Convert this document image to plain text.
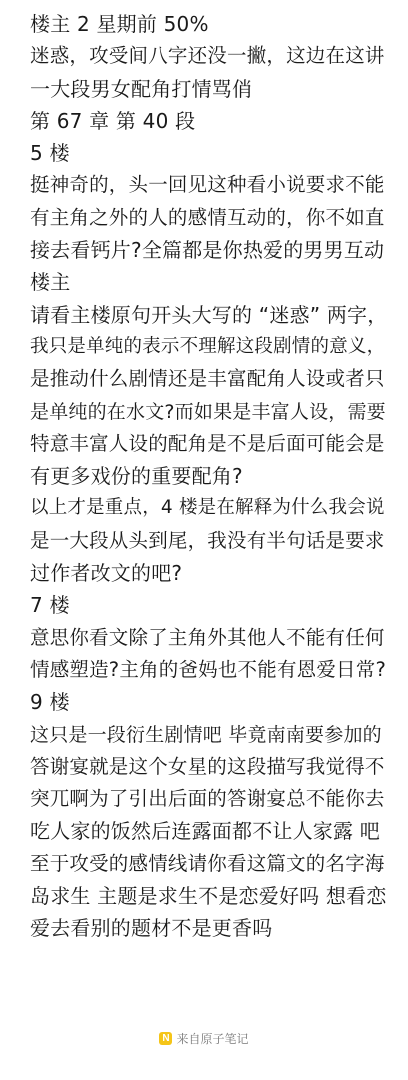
楼主 2 星期前 50%
迷惑，攻受间八字还没一撇，这边在这讲
一大段男女配角打情骂俏
第 67 章 第 40 段
5 楼
挺神奇的，头一回见这种看小说要求不能
有主角之外的人的感情互动的，你不如直
接去看钙片?全篇都是你热爱的男男互动
楼主
请看主楼原句开头大写的 “迷惑” 两字，
我只是单纯的表示不理解这段剧情的意义，
是推动什么剧情还是丰富配角人设或者只
是单纯的在水文?而如果是丰富人设，需要
特意丰富人设的配角是不是后面可能会是
有更多戏份的重要配角?
以上才是重点，4 楼是在解释为什么我会说
是一大段从头到尾，我没有半句话是要求
过作者改文的吧?
7 楼
意思你看文除了主角外其他人不能有任何
情感塑造?主角的爸妈也不能有恩爱日常?
9 楼
这只是一段衍生剧情吧 毕竟南南要参加的
答谢宴就是这个女星的这段描写我觉得不
突兀啊为了引出后面的答谢宴总不能你去
吃人家的饭然后连露面都不让人家露 吧
至于攻受的感情线请你看这篇文的名字海
岛求生 主题是求生不是恋爱好吗 想看恋
爱去看别的题材不是更香吗
N 来自原子笔记
